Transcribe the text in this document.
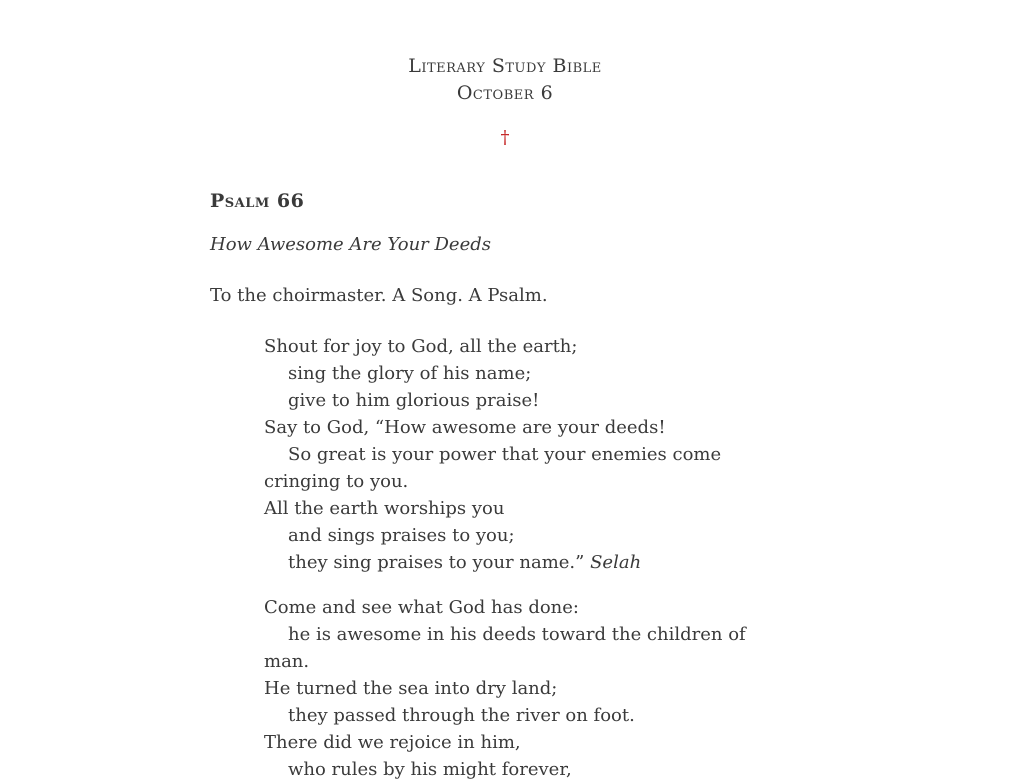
Literary Study Bible
October 6
†
Psalm 66
How Awesome Are Your Deeds
To the choirmaster. A Song. A Psalm.
Shout for joy to God, all the earth;
sing the glory of his name;
give to him glorious praise!
Say to God, “How awesome are your deeds!
So great is your power that your enemies come cringing to you.
All the earth worships you
and sings praises to you;
they sing praises to your name.” Selah
Come and see what God has done:
he is awesome in his deeds toward the children of man.
He turned the sea into dry land;
they passed through the river on foot.
There did we rejoice in him,
who rules by his might forever,
